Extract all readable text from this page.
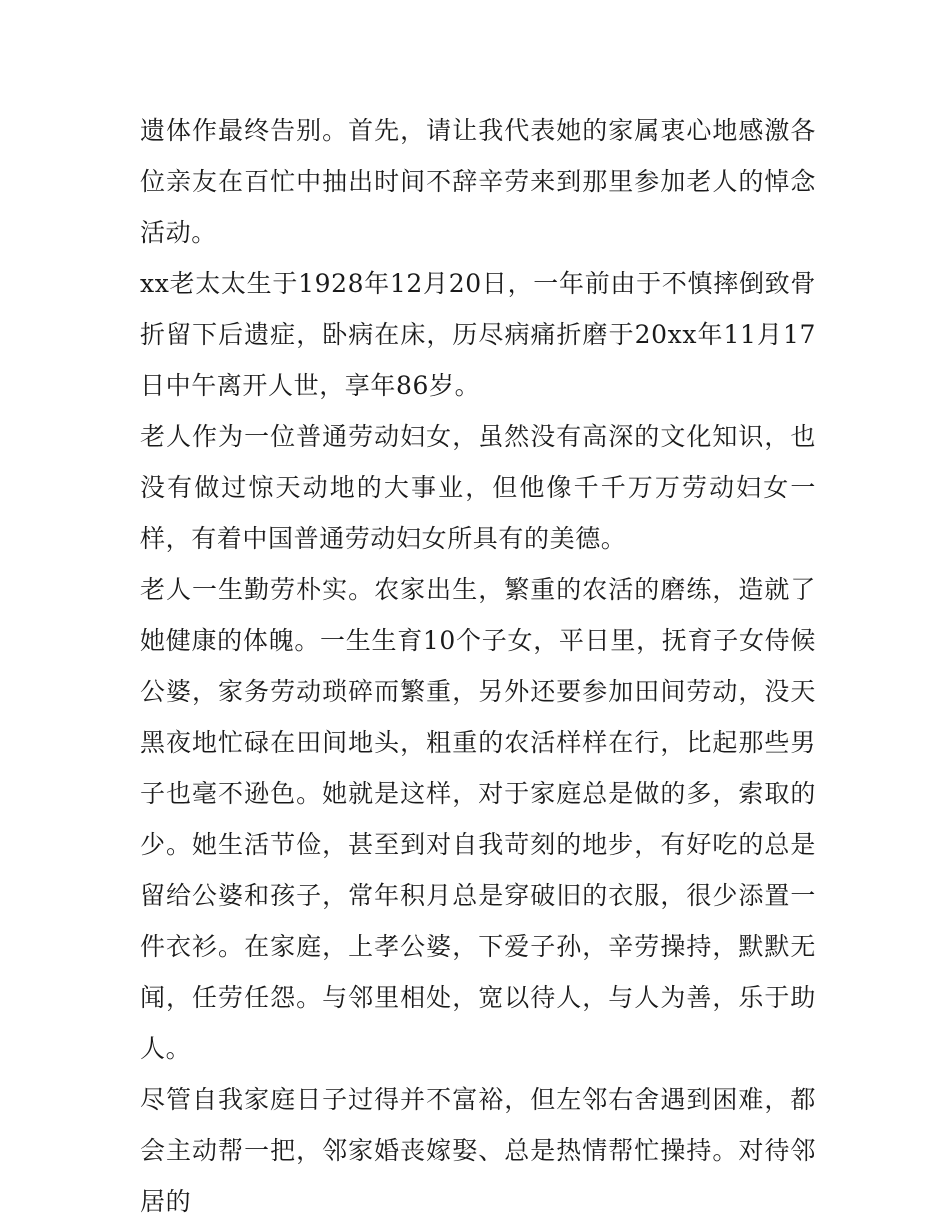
遗体作最终告别。首先，请让我代表她的家属衷心地感激各位亲友在百忙中抽出时间不辞辛劳来到那里参加老人的悼念活动。

xx老太太生于1928年12月20日，一年前由于不慎摔倒致骨折留下后遗症，卧病在床，历尽病痛折磨于20xx年11月17日中午离开人世，享年86岁。

老人作为一位普通劳动妇女，虽然没有高深的文化知识，也没有做过惊天动地的大事业，但他像千千万万劳动妇女一样，有着中国普通劳动妇女所具有的美德。

老人一生勤劳朴实。农家出生，繁重的农活的磨练，造就了她健康的体魄。一生生育10个子女，平日里，抚育子女侍候公婆，家务劳动琐碎而繁重，另外还要参加田间劳动，没天黑夜地忙碌在田间地头，粗重的农活样样在行，比起那些男子也毫不逊色。她就是这样，对于家庭总是做的多，索取的少。她生活节俭，甚至到对自我苛刻的地步，有好吃的总是留给公婆和孩子，常年积月总是穿破旧的衣服，很少添置一件衣衫。在家庭，上孝公婆，下爱子孙，辛劳操持，默默无闻，任劳任怨。与邻里相处，宽以待人，与人为善，乐于助人。

尽管自我家庭日子过得并不富裕，但左邻右舍遇到困难，都会主动帮一把，邻家婚丧嫁娶、总是热情帮忙操持。对待邻居的
